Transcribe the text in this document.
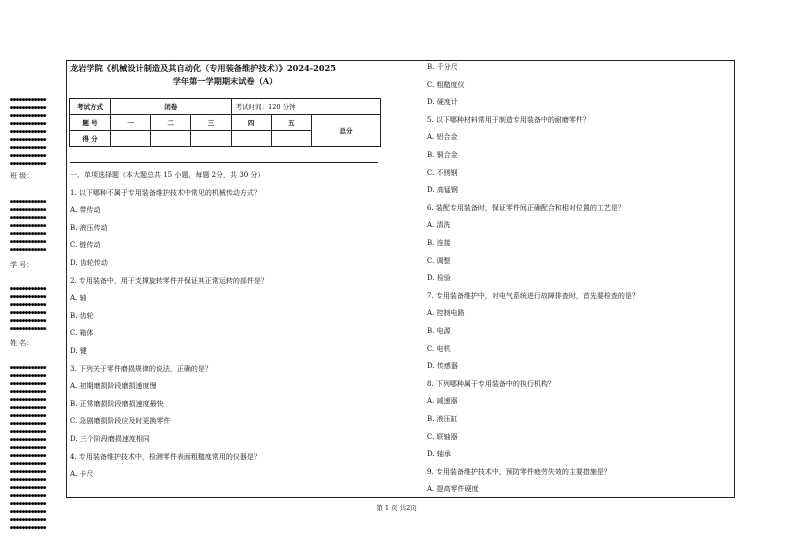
●●●●●●●●●●●●
●●●●●●●●●●●●
●●●●●●●●●●●●
●●●●●●●●●●●●
●●●●●●●●●●●●
●●●●●●●●●●●●
●●●●●●●●●●●●
●●●●●●●●●●●●
●●●●●●●●●●●●
●●●●●●●●●●●●
●●●●●●●●●●●●
●●●●●●●●●●●●
●●●●●●●●●●●●
●●●●●●●●●●●●
●●●●●●●●●●●●
●●●●●●●●●●●●
●●●●●●●●●●●●
●●●●●●●●●●●●
●●●●●●●●●●●●
●●●●●●●●●●●●
●●●●●●●●●●●●
●●●●●●●●●●●●
●●●●●●●●●●●●
●●●●●●●●●●●●
●●●●●●●●●●●●
●●●●●●●●●●●●
●●●●●●●●●●●●
●●●●●●●●●●●●
●●●●●●●●●●●●
●●●●●●●●●●●●
●●●●●●●●●●●●
●●●●●●●●●●●●
●●●●●●●●●●●●
●●●●●●●●●●●●
●●●●●●●●●●●●
●●●●●●●●●●●●
●●●●●●●●●●●●
●●●●●●●●●●●●
●●●●●●●●●●●●
●●●●●●●●●●●●
●●●●●●●●●●●●
●●●●●●●●●●●●
●●●●●●●●●●●●
班 级：
学 号：
姓 名：
龙岩学院《机械设计制造及其自动化（专用装备维护技术）》2024-2025
学年第一学期期末试卷（A）
考试方式	闭卷			考试时间：120 分钟		
题 号	一	二	三	四	五	总分
得 分						
一、单项选择题（本大题总共 15 小题，每题 2分，共 30 分）
1. 以下哪种不属于专用装备维护技术中常见的机械传动方式？
A. 带传动
B. 液压传动
C. 链传动
D. 齿轮传动
2. 专用装备中，用于支撑旋转零件并保证其正常运转的部件是？
A. 轴
B. 齿轮
C. 箱体
D. 键
3. 下列关于零件磨损规律的说法，正确的是？
A. 初期磨损阶段磨损速度慢
B. 正常磨损阶段磨损速度最快
C. 急剧磨损阶段应及时更换零件
D. 三个阶段磨损速度相同
4. 专用装备维护技术中，检测零件表面粗糙度常用的仪器是？
A. 卡尺
B. 千分尺
C. 粗糙度仪
D. 硬度计
5. 以下哪种材料常用于制造专用装备中的耐磨零件？
A. 铝合金
B. 铜合金
C. 不锈钢
D. 高锰钢
6. 装配专用装备时，保证零件间正确配合和相对位置的工艺是？
A. 清洗
B. 连接
C. 调整
D. 检验
7. 专用装备维护中，对电气系统进行故障排查时，首先要检查的是？
A. 控制电路
B. 电源
C. 电机
D. 传感器
8. 下列哪种属于专用装备中的执行机构？
A. 减速器
B. 液压缸
C. 联轴器
D. 轴承
9. 专用装备维护技术中，预防零件疲劳失效的主要措施是？
A. 提高零件硬度
第 1 页 共2页
